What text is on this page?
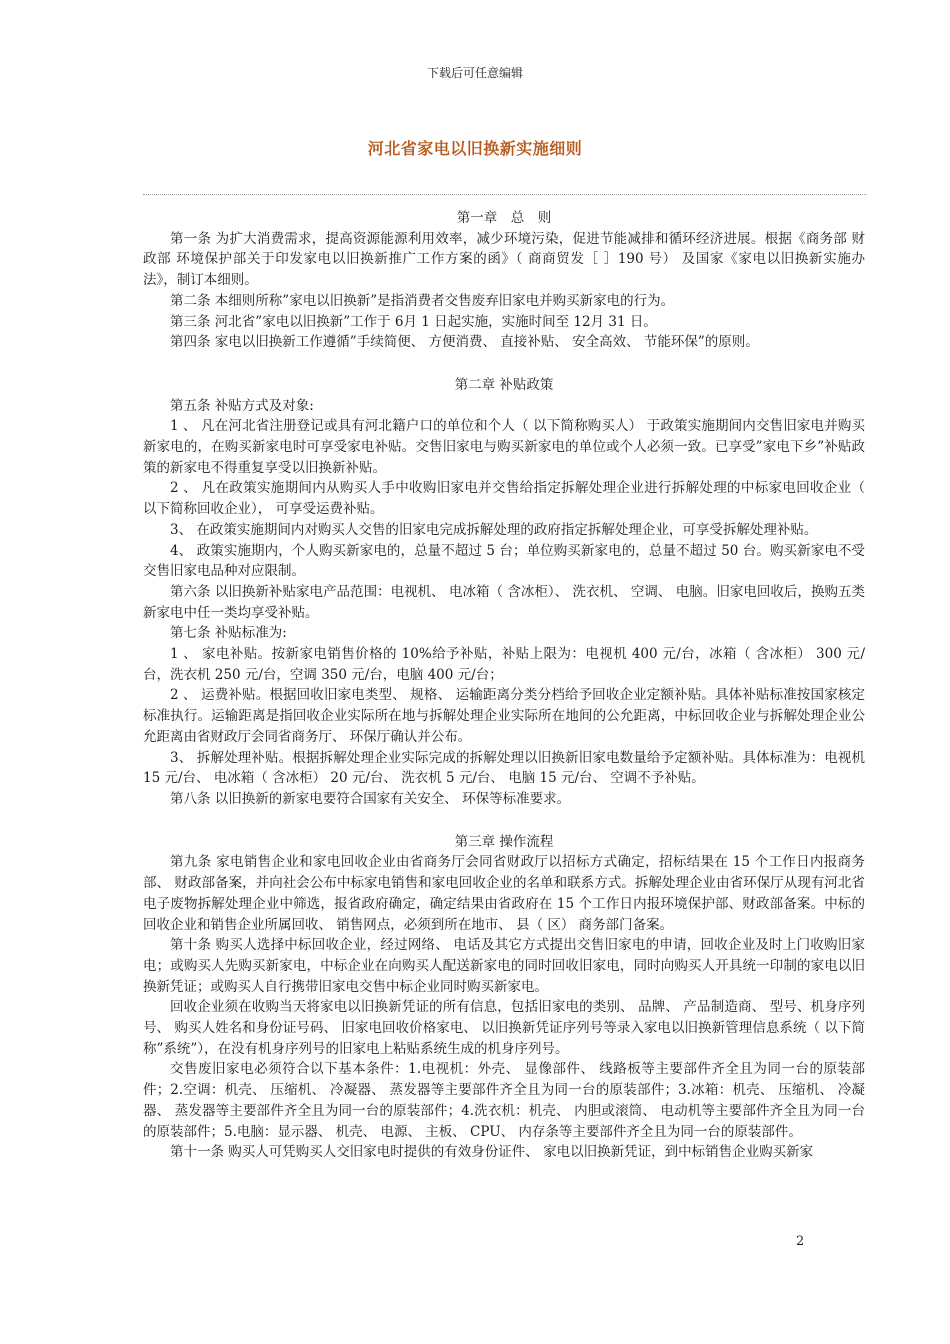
下载后可任意编辑
河北省家电以旧换新实施细则
第一章　总　则

第一条 为扩大消费需求，提高资源能源利用效率，减少环境污染，促进节能减排和循环经济进展。根据《商务部 财政部 环境保护部关于印发家电以旧换新推广工作方案的函》（ 商商贸发［ ］190 号） 及国家《家电以旧换新实施办法》，制订本细则。

第二条 本细则所称”家电以旧换新”是指消费者交售废弃旧家电并购买新家电的行为。

第三条 河北省”家电以旧换新”工作于 6月 1 日起实施，实施时间至 12月 31 日。

第四条 家电以旧换新工作遵循”手续简便、 方便消费、 直接补贴、 安全高效、 节能环保”的原则。

第二章 补贴政策

第五条 补贴方式及对象:

1 、 凡在河北省注册登记或具有河北籍户口的单位和个人（ 以下简称购买人） 于政策实施期间内交售旧家电并购买新家电的，在购买新家电时可享受家电补贴。交售旧家电与购买新家电的单位或个人必须一致。已享受”家电下乡”补贴政策的新家电不得重复享受以旧换新补贴。

2 、 凡在政策实施期间内从购买人手中收购旧家电并交售给指定拆解处理企业进行拆解处理的中标家电回收企业（ 以下简称回收企业）， 可享受运费补贴。

3、 在政策实施期间内对购买人交售的旧家电完成拆解处理的政府指定拆解处理企业，可享受拆解处理补贴。

4、 政策实施期内，个人购买新家电的，总量不超过 5 台；单位购买新家电的，总量不超过 50 台。购买新家电不受交售旧家电品种对应限制。

第六条 以旧换新补贴家电产品范围：电视机、 电冰箱（ 含冰柜）、 洗衣机、 空调、 电脑。旧家电回收后，换购五类新家电中任一类均享受补贴。

第七条 补贴标准为:

1 、 家电补贴。按新家电销售价格的 10%给予补贴，补贴上限为：电视机 400 元/台，冰箱（ 含冰柜） 300 元/台，洗衣机 250 元/台，空调 350 元/台，电脑 400 元/台；

2 、 运费补贴。根据回收旧家电类型、 规格、 运输距离分类分档给予回收企业定额补贴。具体补贴标准按国家核定标准执行。运输距离是指回收企业实际所在地与拆解处理企业实际所在地间的公允距离，中标回收企业与拆解处理企业公允距离由省财政厅会同省商务厅、 环保厅确认并公布。

3、 拆解处理补贴。根据拆解处理企业实际完成的拆解处理以旧换新旧家电数量给予定额补贴。具体标准为：电视机 15 元/台、 电冰箱（ 含冰柜） 20 元/台、 洗衣机 5 元/台、 电脑 15 元/台、 空调不予补贴。

第八条 以旧换新的新家电要符合国家有关安全、 环保等标准要求。

第三章 操作流程

第九条 家电销售企业和家电回收企业由省商务厅会同省财政厅以招标方式确定，招标结果在 15 个工作日内报商务部、 财政部备案，并向社会公布中标家电销售和家电回收企业的名单和联系方式。拆解处理企业由省环保厅从现有河北省电子废物拆解处理企业中筛选，报省政府确定，确定结果由省政府在 15 个工作日内报环境保护部、财政部备案。中标的回收企业和销售企业所属回收、 销售网点，必须到所在地市、 县（ 区） 商务部门备案。

第十条 购买人选择中标回收企业，经过网络、 电话及其它方式提出交售旧家电的申请，回收企业及时上门收购旧家电；或购买人先购买新家电，中标企业在向购买人配送新家电的同时回收旧家电，同时向购买人开具统一印制的家电以旧换新凭证；或购买人自行携带旧家电交售中标企业同时购买新家电。

回收企业须在收购当天将家电以旧换新凭证的所有信息，包括旧家电的类别、 品牌、 产品制造商、 型号、机身序列号、 购买人姓名和身份证号码、 旧家电回收价格家电、 以旧换新凭证序列号等录入家电以旧换新管理信息系统（ 以下简称”系统”），在没有机身序列号的旧家电上粘贴系统生成的机身序列号。

交售废旧家电必须符合以下基本条件：1.电视机：外壳、 显像部件、 线路板等主要部件齐全且为同一台的原装部件；2.空调：机壳、 压缩机、 冷凝器、 蒸发器等主要部件齐全且为同一台的原装部件；3.冰箱：机壳、 压缩机、 冷凝器、 蒸发器等主要部件齐全且为同一台的原装部件；4.洗衣机：机壳、 内胆或滚筒、 电动机等主要部件齐全且为同一台的原装部件；5.电脑：显示器、 机壳、 电源、 主板、 CPU、 内存条等主要部件齐全且为同一台的原装部件。

第十一条 购买人可凭购买人交旧家电时提供的有效身份证件、 家电以旧换新凭证，到中标销售企业购买新家

2
